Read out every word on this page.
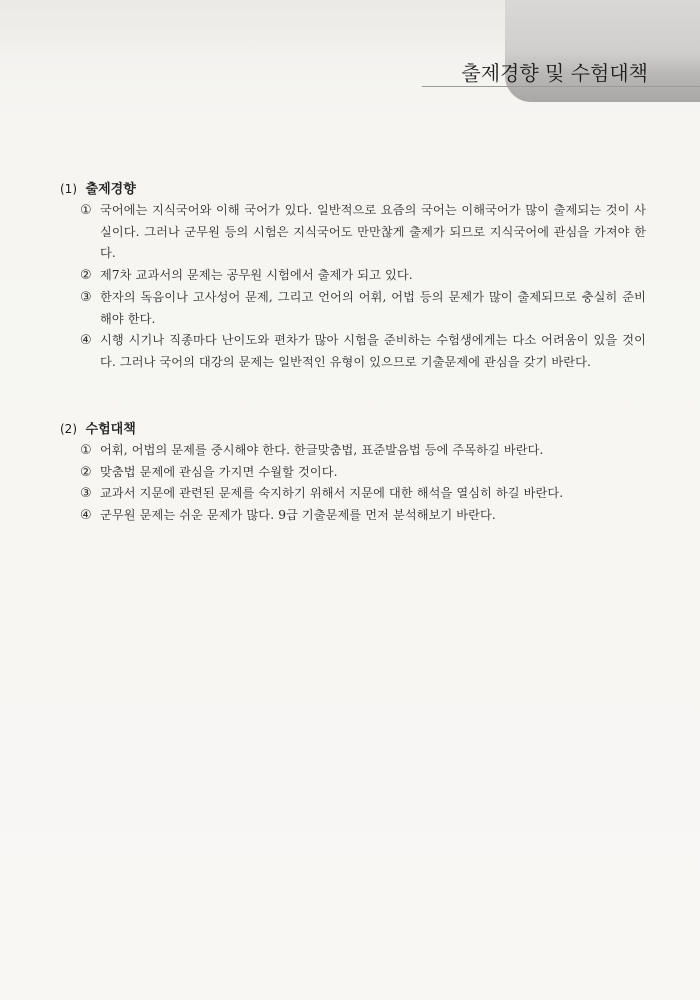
출제경향 및 수험대책
(1) 출제경향
① 국어에는 지식국어와 이해 국어가 있다. 일반적으로 요즘의 국어는 이해국어가 많이 출제되는 것이 사실이다. 그러나 군무원 등의 시험은 지식국어도 만만찮게 출제가 되므로 지식국어에 관심을 가져야 한다.
② 제7차 교과서의 문제는 공무원 시험에서 출제가 되고 있다.
③ 한자의 독음이나 고사성어 문제, 그리고 언어의 어휘, 어법 등의 문제가 많이 출제되므로 충실히 준비해야 한다.
④ 시행 시기나 직종마다 난이도와 편차가 많아 시험을 준비하는 수험생에게는 다소 어려움이 있을 것이다. 그러나 국어의 대강의 문제는 일반적인 유형이 있으므로 기출문제에 관심을 갖기 바란다.
(2) 수험대책
① 어휘, 어법의 문제를 중시해야 한다. 한글맞춤법, 표준발음법 등에 주목하길 바란다.
② 맞춤법 문제에 관심을 가지면 수월할 것이다.
③ 교과서 지문에 관련된 문제를 숙지하기 위해서 지문에 대한 해석을 열심히 하길 바란다.
④ 군무원 문제는 쉬운 문제가 많다. 9급 기출문제를 먼저 분석해보기 바란다.
